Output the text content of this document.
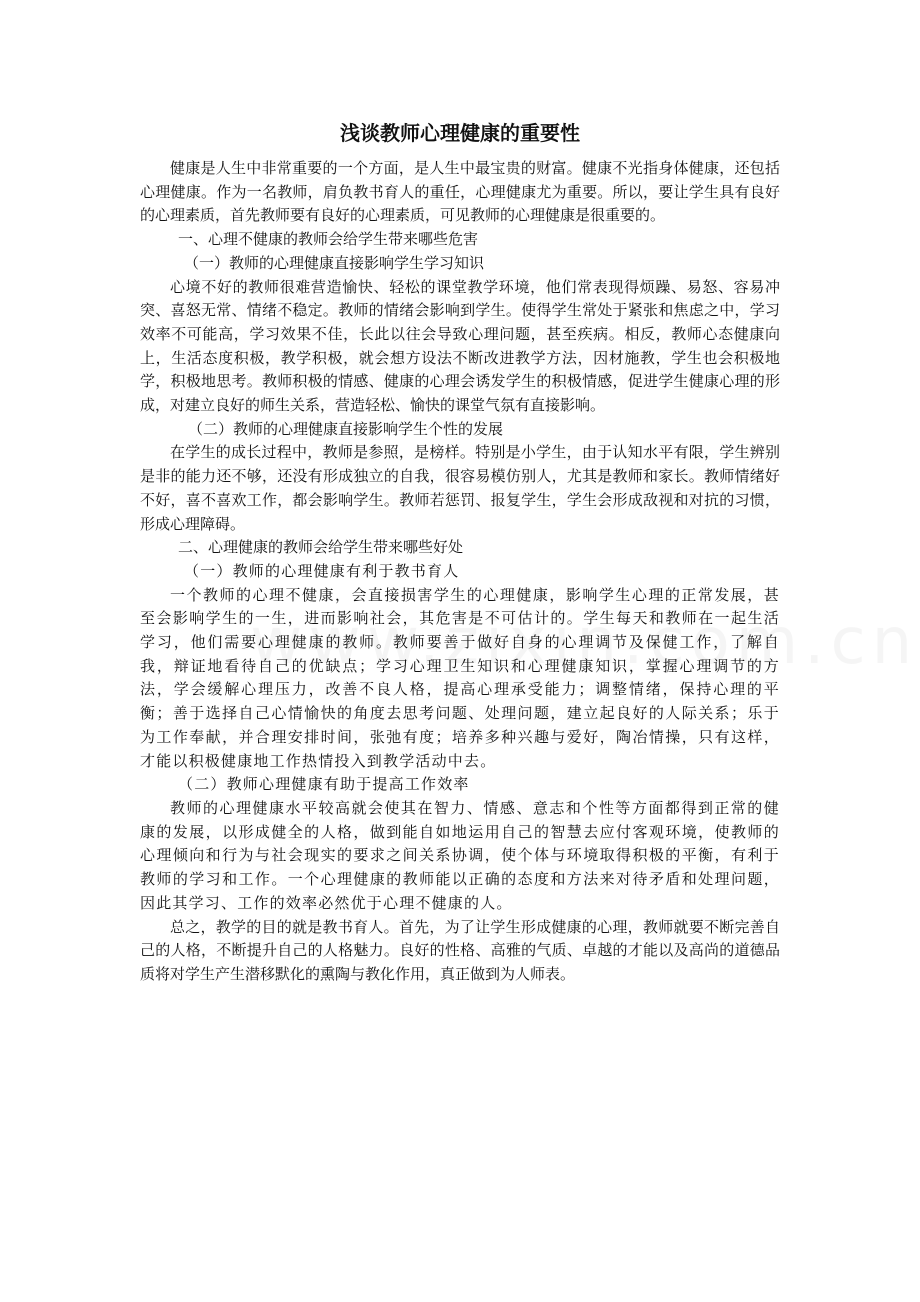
浅谈教师心理健康的重要性

健康是人生中非常重要的一个方面，是人生中最宝贵的财富。健康不光指身体健康，还包括心理健康。作为一名教师，肩负教书育人的重任，心理健康尤为重要。所以，要让学生具有良好的心理素质，首先教师要有良好的心理素质，可见教师的心理健康是很重要的。

一、心理不健康的教师会给学生带来哪些危害

（一）教师的心理健康直接影响学生学习知识

心境不好的教师很难营造愉快、轻松的课堂教学环境，他们常表现得烦躁、易怒、容易冲突、喜怒无常、情绪不稳定。教师的情绪会影响到学生。使得学生常处于紧张和焦虑之中，学习效率不可能高，学习效果不佳，长此以往会导致心理问题，甚至疾病。相反，教师心态健康向上，生活态度积极，教学积极，就会想方设法不断改进教学方法，因材施教，学生也会积极地学，积极地思考。教师积极的情感、健康的心理会诱发学生的积极情感，促进学生健康心理的形成，对建立良好的师生关系，营造轻松、愉快的课堂气氛有直接影响。

（二）教师的心理健康直接影响学生个性的发展

在学生的成长过程中，教师是参照，是榜样。特别是小学生，由于认知水平有限，学生辨别是非的能力还不够，还没有形成独立的自我，很容易模仿别人，尤其是教师和家长。教师情绪好不好，喜不喜欢工作，都会影响学生。教师若惩罚、报复学生，学生会形成敌视和对抗的习惯，形成心理障碍。

二、心理健康的教师会给学生带来哪些好处

（一）教师的心理健康有利于教书育人

一个教师的心理不健康，会直接损害学生的心理健康，影响学生心理的正常发展，甚至会影响学生的一生，进而影响社会，其危害是不可估计的。学生每天和教师在一起生活学习，他们需要心理健康的教师。教师要善于做好自身的心理调节及保健工作，了解自我，辩证地看待自己的优缺点；学习心理卫生知识和心理健康知识，掌握心理调节的方法，学会缓解心理压力，改善不良人格，提高心理承受能力；调整情绪，保持心理的平衡；善于选择自己心情愉快的角度去思考问题、处理问题，建立起良好的人际关系；乐于为工作奉献，并合理安排时间，张弛有度；培养多种兴趣与爱好，陶冶情操，只有这样，才能以积极健康地工作热情投入到教学活动中去。

（二）教师心理健康有助于提高工作效率

教师的心理健康水平较高就会使其在智力、情感、意志和个性等方面都得到正常的健康的发展，以形成健全的人格，做到能自如地运用自己的智慧去应付客观环境，使教师的心理倾向和行为与社会现实的要求之间关系协调，使个体与环境取得积极的平衡，有利于教师的学习和工作。一个心理健康的教师能以正确的态度和方法来对待矛盾和处理问题，因此其学习、工作的效率必然优于心理不健康的人。

总之，教学的目的就是教书育人。首先，为了让学生形成健康的心理，教师就要不断完善自己的人格，不断提升自己的人格魅力。良好的性格、高雅的气质、卓越的才能以及高尚的道德品质将对学生产生潜移默化的熏陶与教化作用，真正做到为人师表。
